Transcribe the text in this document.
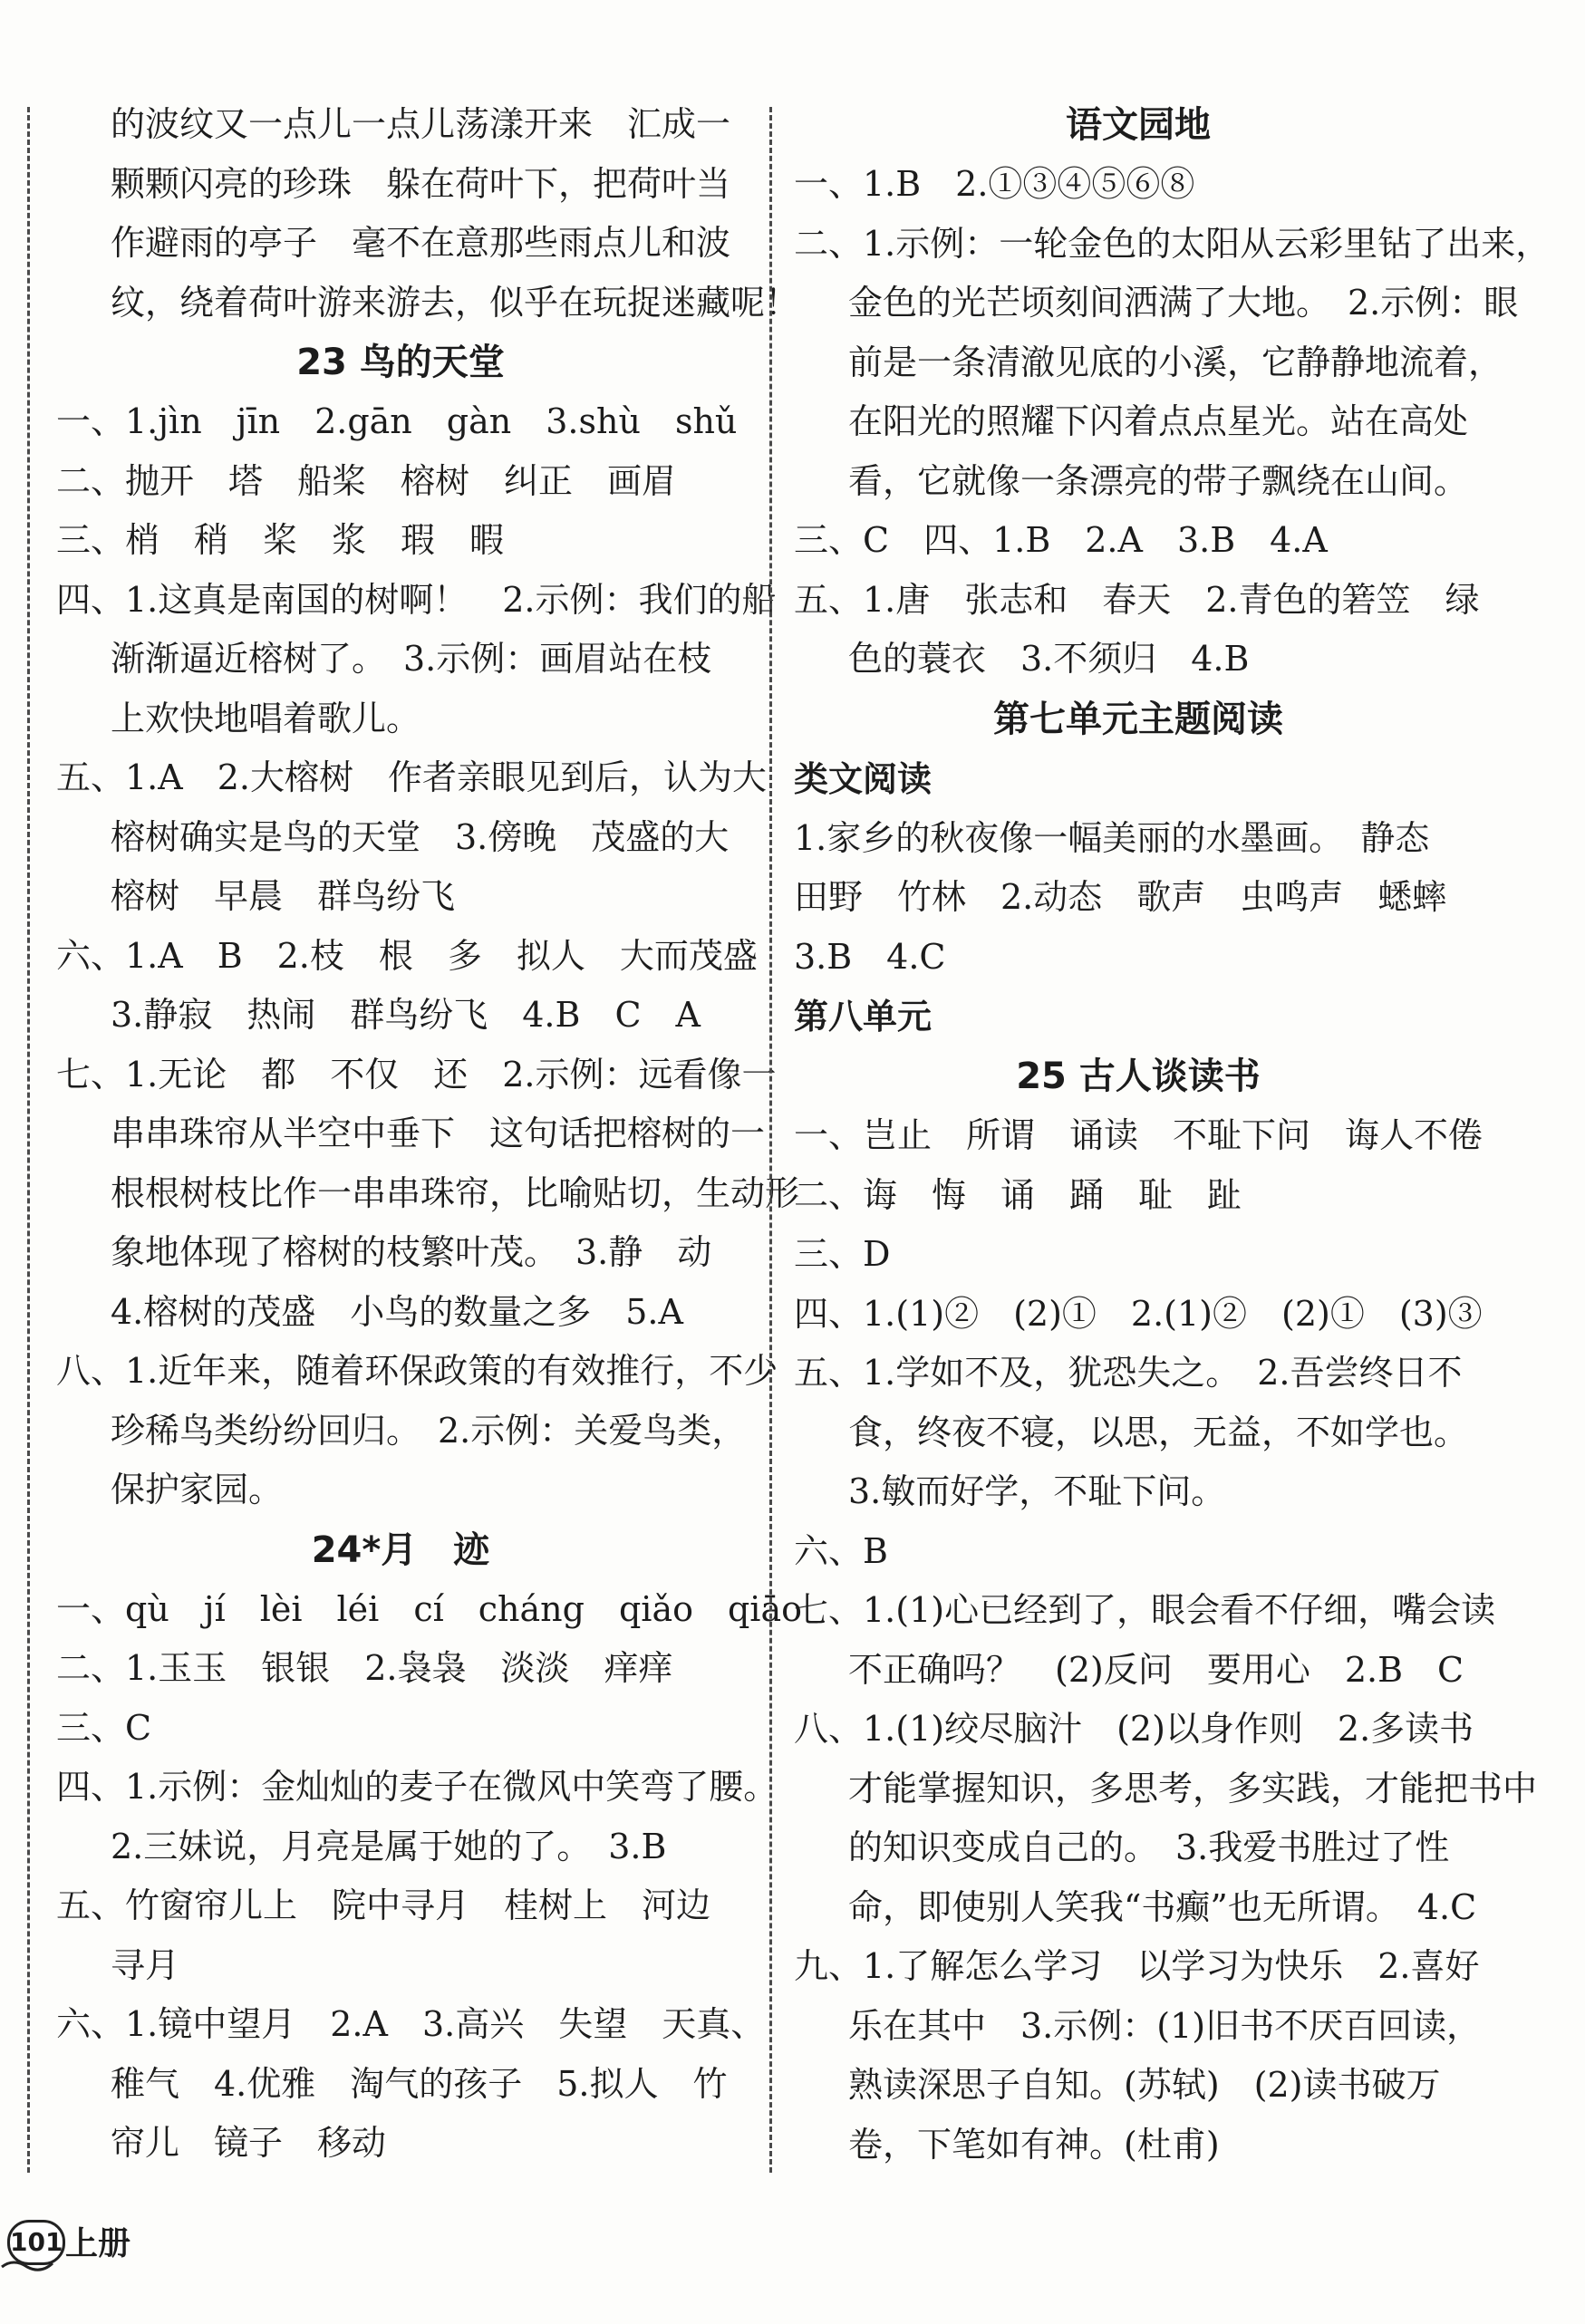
的波纹又一点儿一点儿荡漾开来　汇成一
颗颗闪亮的珍珠　躲在荷叶下，把荷叶当
作避雨的亭子　毫不在意那些雨点儿和波
纹，绕着荷叶游来游去，似乎在玩捉迷藏呢！
23 鸟的天堂
一、1.jìn　jīn　2.gān　gàn　3.shù　shǔ
二、抛开　塔　船桨　榕树　纠正　画眉
三、梢　稍　桨　浆　瑕　暇
四、1.这真是南国的树啊！　2.示例：我们的船
渐渐逼近榕树了。　3.示例：画眉站在枝
上欢快地唱着歌儿。
五、1.A　2.大榕树　作者亲眼见到后，认为大
榕树确实是鸟的天堂　3.傍晚　茂盛的大
榕树　早晨　群鸟纷飞
六、1.A　B　2.枝　根　多　拟人　大而茂盛
3.静寂　热闹　群鸟纷飞　4.B　C　A
七、1.无论　都　不仅　还　2.示例：远看像一
串串珠帘从半空中垂下　这句话把榕树的一
根根树枝比作一串串珠帘，比喻贴切，生动形
象地体现了榕树的枝繁叶茂。　3.静　动
4.榕树的茂盛　小鸟的数量之多　5.A
八、1.近年来，随着环保政策的有效推行，不少
珍稀鸟类纷纷回归。　2.示例：关爱鸟类，
保护家园。
24*月　迹
一、qù　jí　lèi　léi　cí　cháng　qiǎo　qiāo
二、1.玉玉　银银　2.袅袅　淡淡　痒痒
三、C
四、1.示例：金灿灿的麦子在微风中笑弯了腰。
2.三妹说，月亮是属于她的了。　3.B
五、竹窗帘儿上　院中寻月　桂树上　河边
寻月
六、1.镜中望月　2.A　3.高兴　失望　天真、
稚气　4.优雅　淘气的孩子　5.拟人　竹
帘儿　镜子　移动
语文园地
一、1.B　2.①③④⑤⑥⑧
二、1.示例：一轮金色的太阳从云彩里钻了出来，
金色的光芒顷刻间洒满了大地。　2.示例：眼
前是一条清澈见底的小溪，它静静地流着，
在阳光的照耀下闪着点点星光。站在高处
看，它就像一条漂亮的带子飘绕在山间。
三、C　四、1.B　2.A　3.B　4.A
五、1.唐　张志和　春天　2.青色的箬笠　绿
色的蓑衣　3.不须归　4.B
第七单元主题阅读
类文阅读
1.家乡的秋夜像一幅美丽的水墨画。　静态
田野　竹林　2.动态　歌声　虫鸣声　蟋蟀
3.B　4.C
第八单元
25 古人谈读书
一、岂止　所谓　诵读　不耻下问　诲人不倦
二、诲　悔　诵　踊　耻　趾
三、D
四、1.(1)②　(2)①　2.(1)②　(2)①　(3)③
五、1.学如不及，犹恐失之。　2.吾尝终日不
食，终夜不寝，以思，无益，不如学也。
3.敏而好学，不耻下问。
六、B
七、1.(1)心已经到了，眼会看不仔细，嘴会读
不正确吗？　(2)反问　要用心　2.B　C
八、1.(1)绞尽脑汁　(2)以身作则　2.多读书
才能掌握知识，多思考，多实践，才能把书中
的知识变成自己的。　3.我爱书胜过了性
命，即使别人笑我“书癫”也无所谓。　4.C
九、1.了解怎么学习　以学习为快乐　2.喜好
乐在其中　3.示例：(1)旧书不厌百回读，
熟读深思子自知。(苏轼)　(2)读书破万
卷，下笔如有神。(杜甫)
101 上册
